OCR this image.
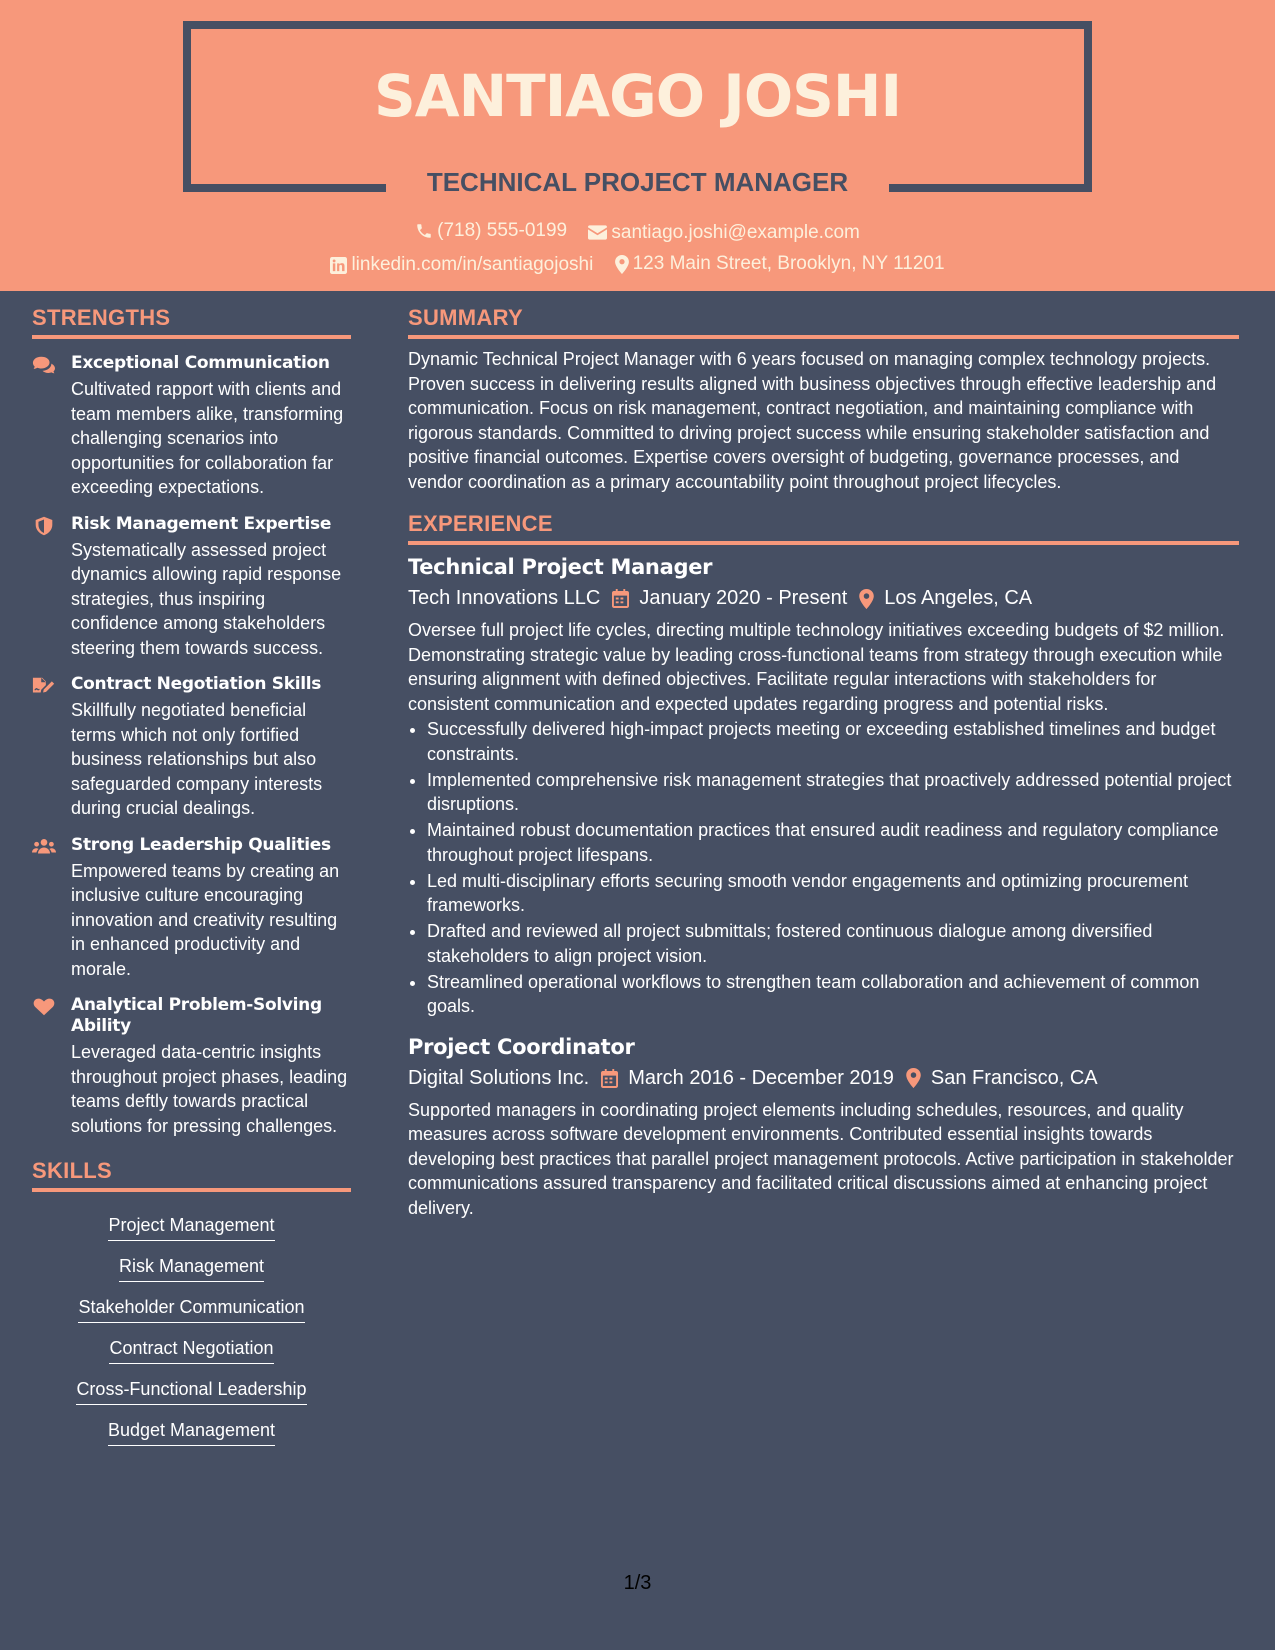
SANTIAGO JOSHI
TECHNICAL PROJECT MANAGER
(718) 555-0199
santiago.joshi@example.com
linkedin.com/in/santiagojoshi
123 Main Street, Brooklyn, NY 11201
STRENGTHS
Exceptional Communication
Cultivated rapport with clients and team members alike, transforming challenging scenarios into opportunities for collaboration far exceeding expectations.
Risk Management Expertise
Systematically assessed project dynamics allowing rapid response strategies, thus inspiring confidence among stakeholders steering them towards success.
Contract Negotiation Skills
Skillfully negotiated beneficial terms which not only fortified business relationships but also safeguarded company interests during crucial dealings.
Strong Leadership Qualities
Empowered teams by creating an inclusive culture encouraging innovation and creativity resulting in enhanced productivity and morale.
Analytical Problem-Solving Ability
Leveraged data-centric insights throughout project phases, leading teams deftly towards practical solutions for pressing challenges.
SKILLS
Project Management
Risk Management
Stakeholder Communication
Contract Negotiation
Cross-Functional Leadership
Budget Management
SUMMARY
Dynamic Technical Project Manager with 6 years focused on managing complex technology projects. Proven success in delivering results aligned with business objectives through effective leadership and communication. Focus on risk management, contract negotiation, and maintaining compliance with rigorous standards. Committed to driving project success while ensuring stakeholder satisfaction and positive financial outcomes. Expertise covers oversight of budgeting, governance processes, and vendor coordination as a primary accountability point throughout project lifecycles.
EXPERIENCE
Technical Project Manager
Tech Innovations LLC January 2020 - Present Los Angeles, CA
Oversee full project life cycles, directing multiple technology initiatives exceeding budgets of $2 million. Demonstrating strategic value by leading cross-functional teams from strategy through execution while ensuring alignment with defined objectives. Facilitate regular interactions with stakeholders for consistent communication and expected updates regarding progress and potential risks.
• Successfully delivered high-impact projects meeting or exceeding established timelines and budget constraints.
• Implemented comprehensive risk management strategies that proactively addressed potential project disruptions.
• Maintained robust documentation practices that ensured audit readiness and regulatory compliance throughout project lifespans.
• Led multi-disciplinary efforts securing smooth vendor engagements and optimizing procurement frameworks.
• Drafted and reviewed all project submittals; fostered continuous dialogue among diversified stakeholders to align project vision.
• Streamlined operational workflows to strengthen team collaboration and achievement of common goals.
Project Coordinator
Digital Solutions Inc. March 2016 - December 2019 San Francisco, CA
Supported managers in coordinating project elements including schedules, resources, and quality measures across software development environments. Contributed essential insights towards developing best practices that parallel project management protocols. Active participation in stakeholder communications assured transparency and facilitated critical discussions aimed at enhancing project delivery.
1/3
